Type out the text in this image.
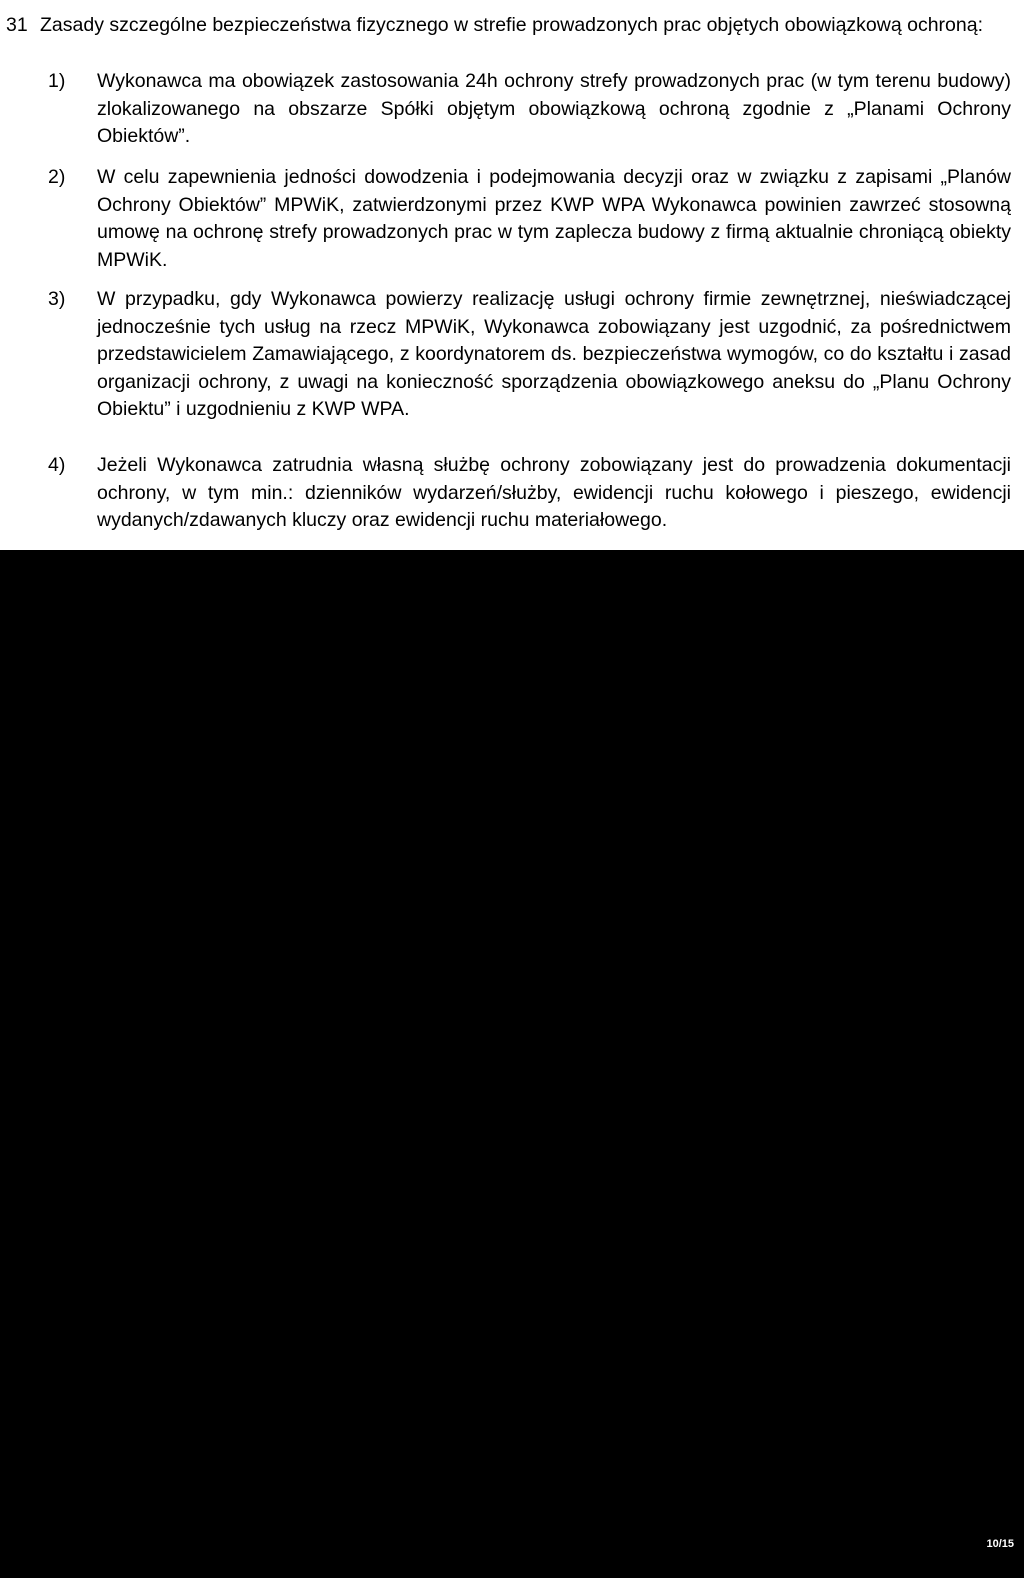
31 Zasady szczególne bezpieczeństwa fizycznego w strefie prowadzonych prac objętych obowiązkową ochroną:
1) Wykonawca ma obowiązek zastosowania 24h ochrony strefy prowadzonych prac (w tym terenu budowy) zlokalizowanego na obszarze Spółki objętym obowiązkową ochroną zgodnie z „Planami Ochrony Obiektów”.
2) W celu zapewnienia jedności dowodzenia i podejmowania decyzji oraz w związku z zapisami „Planów Ochrony Obiektów” MPWiK, zatwierdzonymi przez KWP WPA Wykonawca powinien zawrzeć stosowną umowę na ochronę strefy prowadzonych prac w tym zaplecza budowy z firmą aktualnie chroniącą obiekty MPWiK.
3) W przypadku, gdy Wykonawca powierzy realizację usługi ochrony firmie zewnętrznej, nieświadczącej jednocześnie tych usług na rzecz MPWiK, Wykonawca zobowiązany jest uzgodnić, za pośrednictwem przedstawicielem Zamawiającego, z koordynatorem ds. bezpieczeństwa wymogów, co do kształtu i zasad organizacji ochrony, z uwagi na konieczność sporządzenia obowiązkowego aneksu do „Planu Ochrony Obiektu” i uzgodnieniu z KWP WPA.
4) Jeżeli Wykonawca zatrudnia własną służbę ochrony zobowiązany jest do prowadzenia dokumentacji ochrony, w tym min.: dzienników wydarzeń/służby, ewidencji ruchu kołowego i pieszego, ewidencji wydanych/zdawanych kluczy oraz ewidencji ruchu materiałowego.
VII. WYMOGI W ZAKRESIE BHP
32. Zasady organizacji strefy prowadzonych prac:
1) Wykonawca zobowiązany jest do oznakowania strefy prowadzonych prac w odpowiedni sposób (np. tablica informacyjna zadania, znaki informujące o zagrożeniach) oraz jej wygrodzenia (taśmą ostrzegawczą, barierkami itp.).
2) Wykonawca zobowiązany jest do zapewnienia, aby narzędzia, maszyny i urządzenia oraz sprzęt pomocniczy stosowane w strefie prowadzonych były sprawne technicznie oraz posiadały wymagane certyfikaty.
3) Wykonawca zobowiązany jest do utrzymywania w należytym porządku i czystości strefy prowadzonych prac, dróg transportowych, placów manewrowych oraz miejsc składowania i przechowywania materiałów.
4) Wykonawca zobowiązany jest do wyznaczenia poprzez wygrodzenie i oznakowanie stref niebezpiecznych, w których występuje zwiększone ryzyko spadania z wysokości przedmiotów, potrącenia osób przez środki transportu, urządzenia mechaniczne lub przemieszczane elementy, a także przygniecenia przez składowane materiały.
5) Wykonawca zobowiązany jest do skutecznego zabezpieczenia lub wygrodzenia otworów w ziemi, wykopów, kanałów, studni itp.
6) Wykonawca zobowiązany jest do zapewnienia, aby składowanie materiałów budowlanych i sprzętu pomocniczego odbywało się tylko w miejscach wyznaczonych i odpowiednio przygotowanych, w sposób zabezpieczający przed przewróceniem, zsunięciem lub upadkiem tych materiałów i sprzętu.
10/15
